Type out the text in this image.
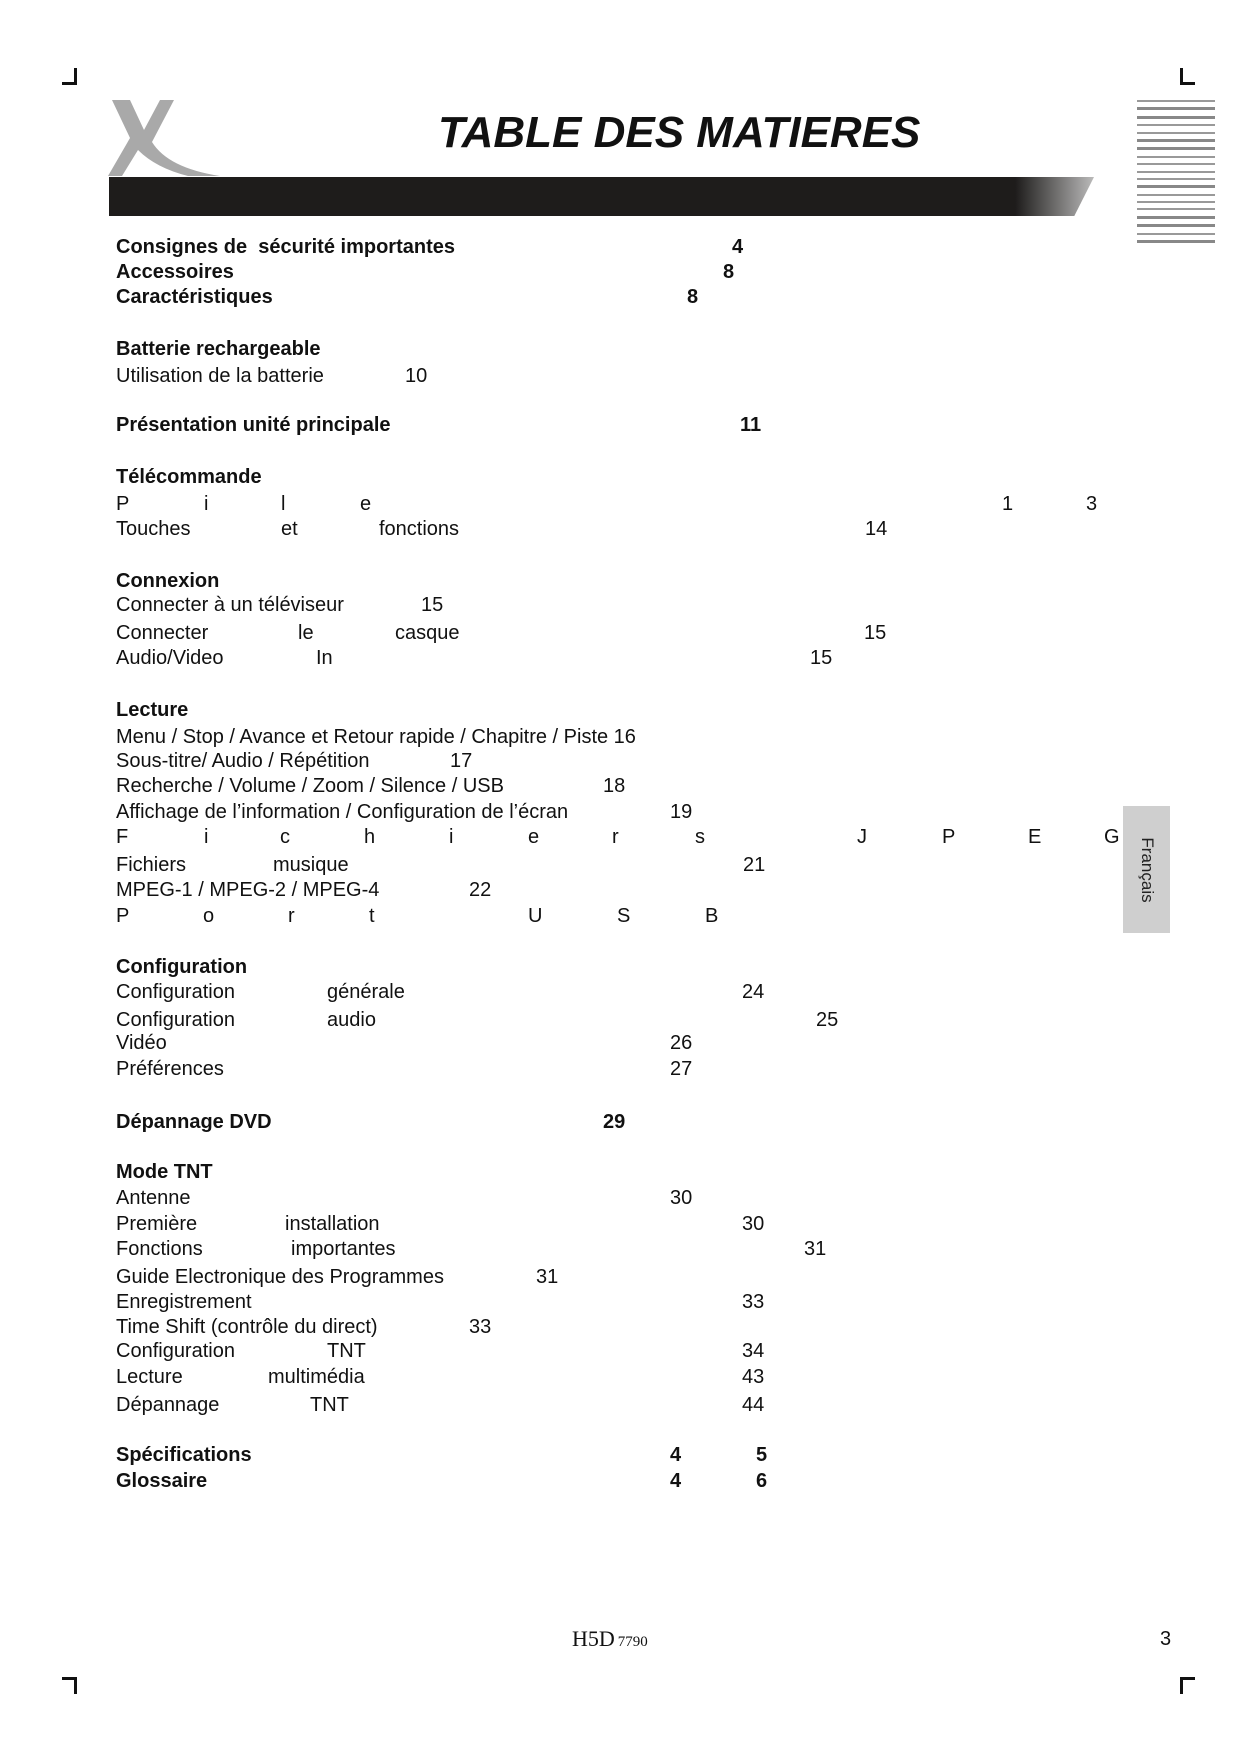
TABLE DES MATIERES
Consignes de  sécurité importantes	4
Accessoires	8
Caractéristiques	8
Batterie rechargeable
Utilisation de la batterie	10
Présentation unité principale	11
Télécommande
P	i	l	e	1	3
Touches	et	fonctions	14
Connexion
Connecter à un téléviseur	15
Connecter	le	casque	15
Audio/Video	In	15
Lecture
Menu / Stop / Avance et Retour rapide / Chapitre / Piste 16
Sous-titre/ Audio / Répétition	17
Recherche / Volume / Zoom / Silence / USB	18
Affichage de l’information / Configuration de l’écran	19
F	i	c	h	i	e	r	s	J	P	E	G
Fichiers	musique	21
MPEG-1 / MPEG-2 / MPEG-4	22
P	o	r	t	U	S	B
Configuration
Configuration	générale	24
Configuration	audio	25
Vidéo	26
Préférences	27
Dépannage DVD	29
Mode TNT
Antenne	30
Première	installation	30
Fonctions	importantes	31
Guide Electronique des Programmes	31
Enregistrement	33
Time Shift (contrôle du direct)	33
Configuration	TNT	34
Lecture	multimédia	43
Dépannage	TNT	44
Spécifications	4	5
Glossaire	4	6
Français
H5D 7790	3
